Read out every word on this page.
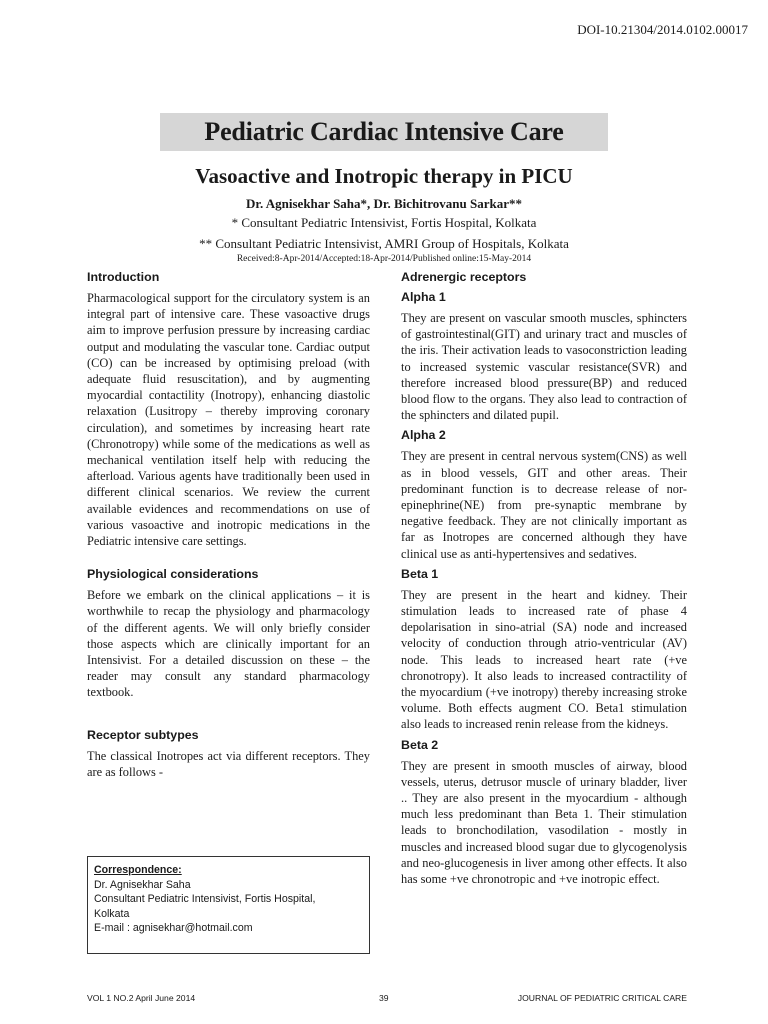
DOI-10.21304/2014.0102.00017
Pediatric Cardiac Intensive Care
Vasoactive and Inotropic therapy in PICU
Dr. Agnisekhar Saha*, Dr. Bichitrovanu Sarkar**
* Consultant Pediatric Intensivist, Fortis Hospital, Kolkata
** Consultant Pediatric Intensivist, AMRI Group of Hospitals, Kolkata
Received:8-Apr-2014/Accepted:18-Apr-2014/Published online:15-May-2014
Introduction

Pharmacological support for the circulatory system is an integral part of intensive care. These vasoactive drugs aim to improve perfusion pressure by increasing cardiac output and modulating the vascular tone. Cardiac output (CO) can be increased by optimising preload (with adequate fluid resuscitation), and by augmenting myocardial contactility (Inotropy), enhancing diastolic relaxation (Lusitropy – thereby improving coronary circulation), and sometimes by increasing heart rate (Chronotropy) while some of the medications as well as mechanical ventilation itself help with reducing the afterload. Various agents have traditionally been used in different clinical scenarios. We review the current available evidences and recommendations on use of various vasoactive and inotropic medications in the Pediatric intensive care settings.

Physiological considerations

Before we embark on the clinical applications – it is worthwhile to recap the physiology and pharmacology of the different agents. We will only briefly consider those aspects which are clinically important for an Intensivist. For a detailed discussion on these – the reader may consult any standard pharmacology textbook.

Receptor subtypes

The classical Inotropes act via different receptors. They are as follows -

Adrenergic receptors
Alpha 1

They are present on vascular smooth muscles, sphincters of gastrointestinal(GIT) and urinary tract and muscles of the iris. Their activation leads to vasoconstriction leading to increased systemic vascular resistance(SVR) and therefore increased blood pressure(BP) and reduced blood flow to the organs. They also lead to contraction of the sphincters and dilated pupil.

Alpha 2

They are present in central nervous system(CNS) as well as in blood vessels, GIT and other areas. Their predominant function is to decrease release of nor-epinephrine(NE) from pre-synaptic membrane by negative feedback. They are not clinically important as far as Inotropes are concerned although they have clinical use as anti-hypertensives and sedatives.

Beta 1

They are present in the heart and kidney. Their stimulation leads to increased rate of phase 4 depolarisation in sino-atrial (SA) node and increased velocity of conduction through atrio-ventricular (AV) node. This leads to increased heart rate (+ve chronotropy). It also leads to increased contractility of the myocardium (+ve inotropy) thereby increasing stroke volume. Both effects augment CO. Beta1 stimulation also leads to increased renin release from the kidneys.

Beta 2

They are present in smooth muscles of airway, blood vessels, uterus, detrusor muscle of urinary bladder, liver .. They are also present in the myocardium - although much less predominant than Beta 1. Their stimulation leads to bronchodilation, vasodilation - mostly in muscles and increased blood sugar due to glycogenolysis and neo-glucogenesis in liver among other effects. It also has some +ve chronotropic and +ve inotropic effect.

Correspondence:
Dr. Agnisekhar Saha
Consultant Pediatric Intensivist, Fortis Hospital,
Kolkata
E-mail : agnisekhar@hotmail.com
VOL 1 NO.2 April June 2014	39	JOURNAL OF PEDIATRIC CRITICAL CARE
